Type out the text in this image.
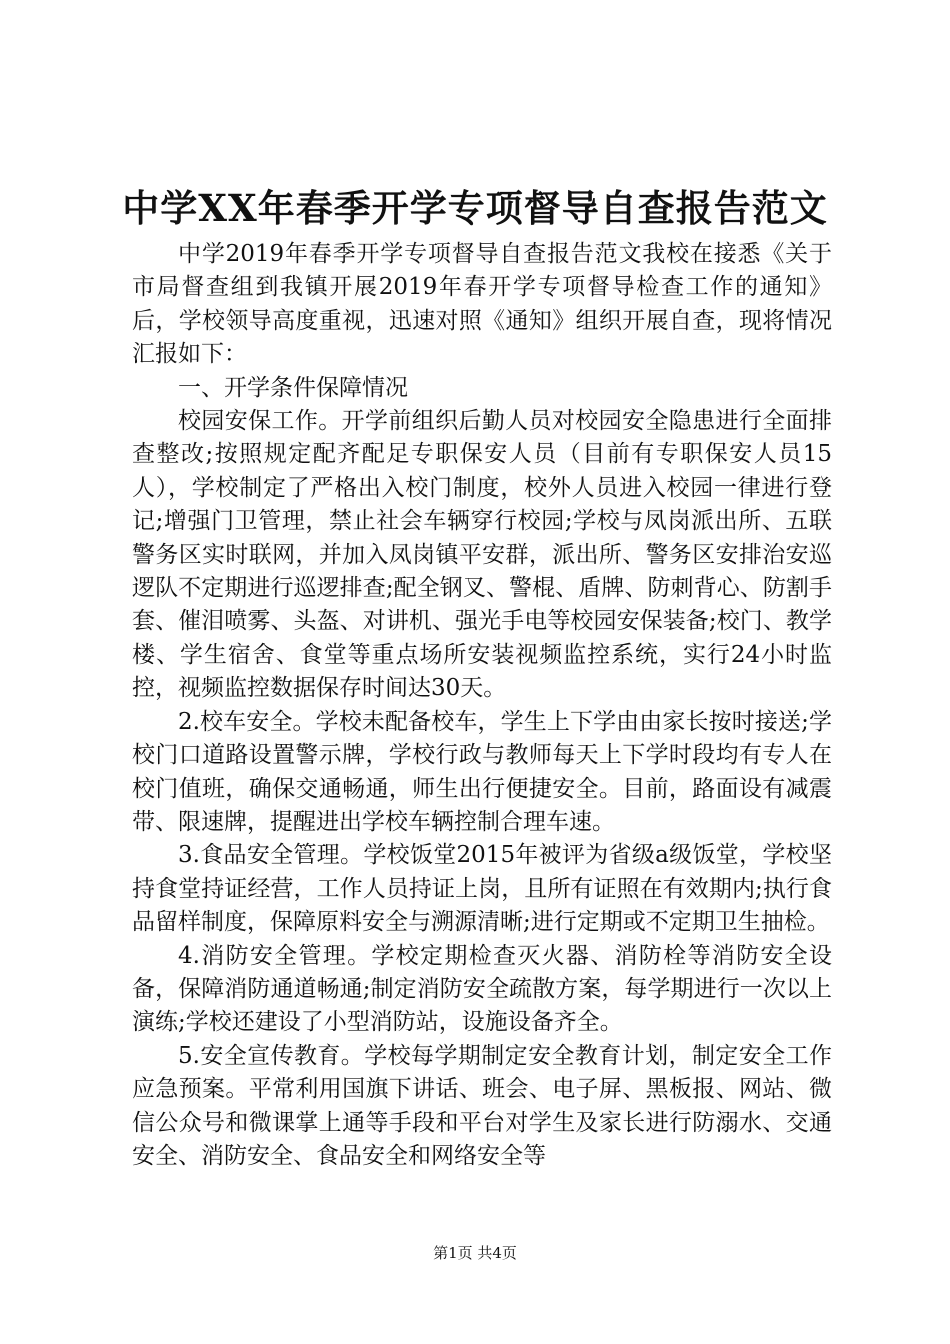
中学XX年春季开学专项督导自查报告范文

中学2019年春季开学专项督导自查报告范文我校在接悉《关于市局督查组到我镇开展2019年春开学专项督导检查工作的通知》后，学校领导高度重视，迅速对照《通知》组织开展自查，现将情况汇报如下：

一、开学条件保障情况

校园安保工作。开学前组织后勤人员对校园安全隐患进行全面排查整改;按照规定配齐配足专职保安人员（目前有专职保安人员15人），学校制定了严格出入校门制度，校外人员进入校园一律进行登记;增强门卫管理，禁止社会车辆穿行校园;学校与凤岗派出所、五联警务区实时联网，并加入凤岗镇平安群，派出所、警务区安排治安巡逻队不定期进行巡逻排查;配全钢叉、警棍、盾牌、防刺背心、防割手套、催泪喷雾、头盔、对讲机、强光手电等校园安保装备;校门、教学楼、学生宿舍、食堂等重点场所安装视频监控系统，实行24小时监控，视频监控数据保存时间达30天。

2.校车安全。学校未配备校车，学生上下学由由家长按时接送;学校门口道路设置警示牌，学校行政与教师每天上下学时段均有专人在校门值班，确保交通畅通，师生出行便捷安全。目前，路面设有减震带、限速牌，提醒进出学校车辆控制合理车速。

3.食品安全管理。学校饭堂2015年被评为省级a级饭堂，学校坚持食堂持证经营，工作人员持证上岗，且所有证照在有效期内;执行食品留样制度，保障原料安全与溯源清晰;进行定期或不定期卫生抽检。

4.消防安全管理。学校定期检查灭火器、消防栓等消防安全设备，保障消防通道畅通;制定消防安全疏散方案，每学期进行一次以上演练;学校还建设了小型消防站，设施设备齐全。

5.安全宣传教育。学校每学期制定安全教育计划，制定安全工作应急预案。平常利用国旗下讲话、班会、电子屏、黑板报、网站、微信公众号和微课掌上通等手段和平台对学生及家长进行防溺水、交通安全、消防安全、食品安全和网络安全等

第1页 共4页
